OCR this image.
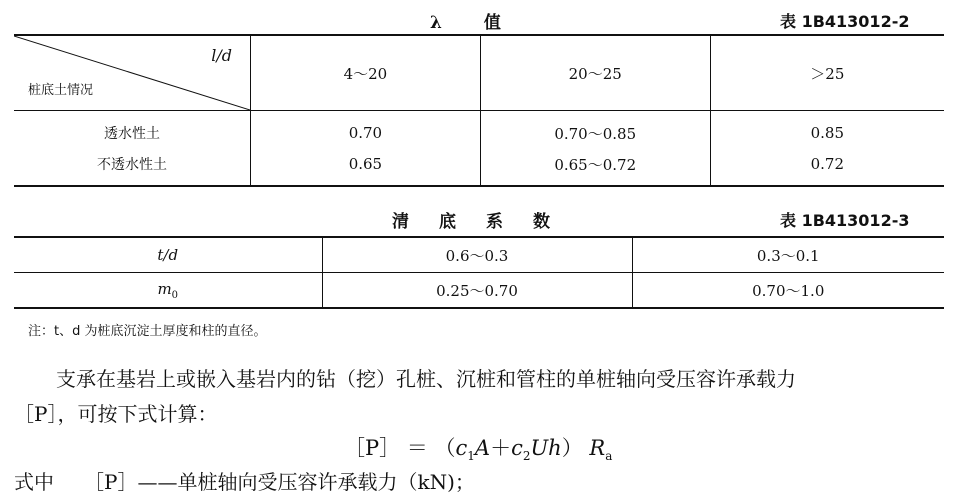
λ 值	表 1B413012-2
l/d
桩底土情况	4～20	20～25	＞25
透水性土	0.70	0.70～0.85	0.85
不透水性土	0.65	0.65～0.72	0.72
清底系数	表 1B413012-3
t/d	0.6～0.3	0.3～0.1
$m_0$	0.25～0.70	0.70～1.0
注：t、d 为桩底沉淀土厚度和柱的直径。
支承在基岩上或嵌入基岩内的钻（挖）孔桩、沉桩和管柱的单桩轴向受压容许承载力
［P］，可按下式计算：
［P］ ＝ $(c_1A+c_2Uh)$ $R_a$
式中 ［P］——单桩轴向受压容许承载力（kN)；
